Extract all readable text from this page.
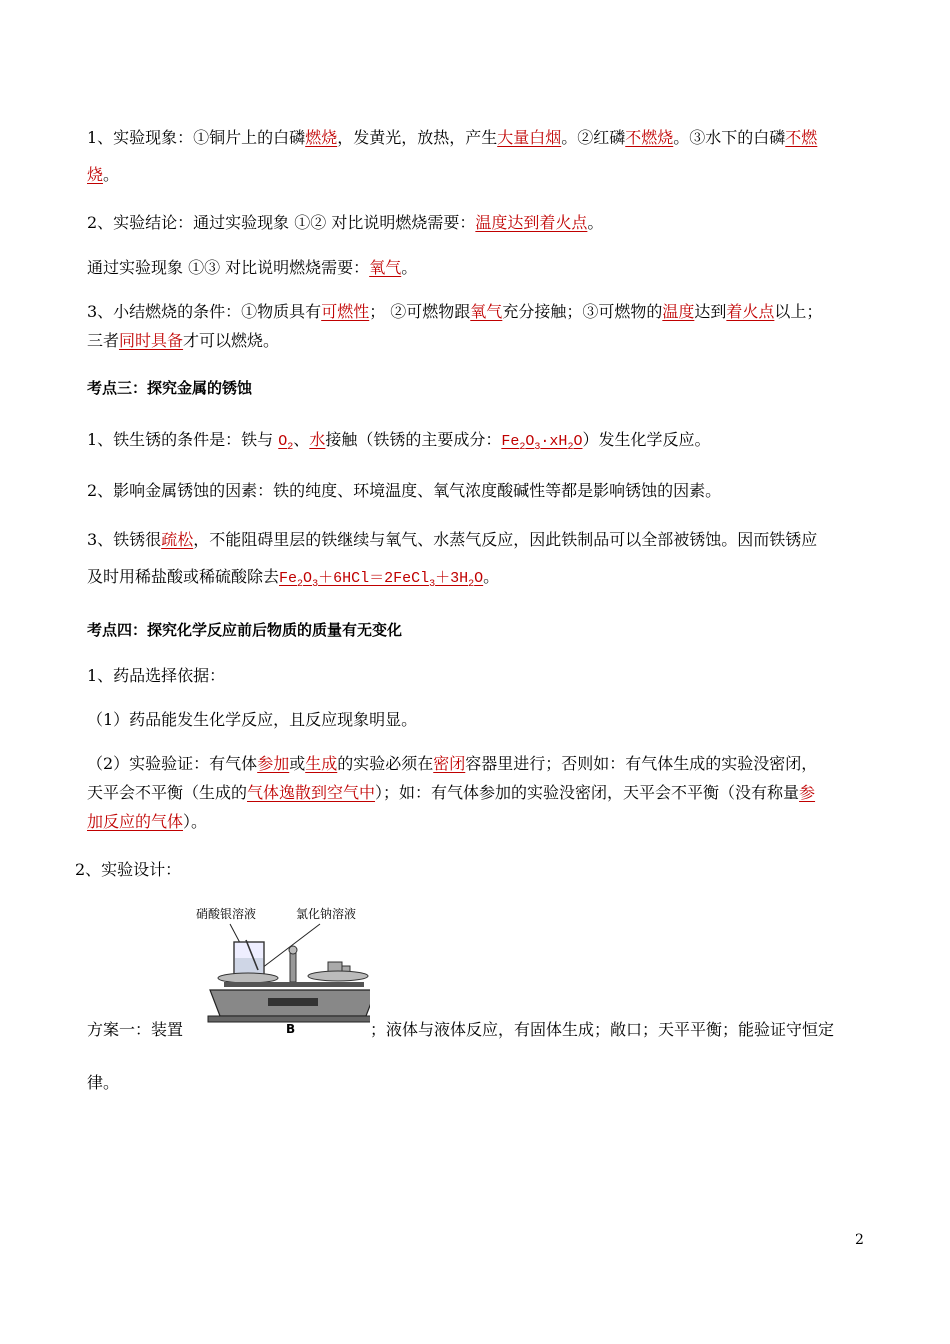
1、实验现象：①铜片上的白磷燃烧，发黄光，放热，产生大量白烟。②红磷不燃烧。③水下的白磷不燃
烧。
2、实验结论：通过实验现象 ①② 对比说明燃烧需要：温度达到着火点。
通过实验现象 ①③ 对比说明燃烧需要：氧气。
3、小结燃烧的条件：①物质具有可燃性； ②可燃物跟氧气充分接触；③可燃物的温度达到着火点以上；
三者同时具备才可以燃烧。
考点三：探究金属的锈蚀
1、铁生锈的条件是：铁与 $O_2$、水接触（铁锈的主要成分：$Fe_2O_3\cdot xH_2O$）发生化学反应。
2、影响金属锈蚀的因素：铁的纯度、环境温度、氧气浓度酸碱性等都是影响锈蚀的因素。
3、铁锈很疏松，不能阻碍里层的铁继续与氧气、水蒸气反应，因此铁制品可以全部被锈蚀。因而铁锈应
及时用稀盐酸或稀硫酸除去$Fe_2O_3+6HCl=2FeCl_3+3H_2O$。
考点四：探究化学反应前后物质的质量有无变化
1、药品选择依据：
（1）药品能发生化学反应，且反应现象明显。
（2）实验验证：有气体参加或生成的实验必须在密闭容器里进行；否则如：有气体生成的实验没密闭，
天平会不平衡（生成的气体逸散到空气中）；如：有气体参加的实验没密闭，天平会不平衡（没有称量参
加反应的气体）。
2、实验设计：
硝酸银溶液	氯化钠溶液
B
方案一：装置	；液体与液体反应，有固体生成；敞口；天平平衡；能验证守恒定
律。
2
